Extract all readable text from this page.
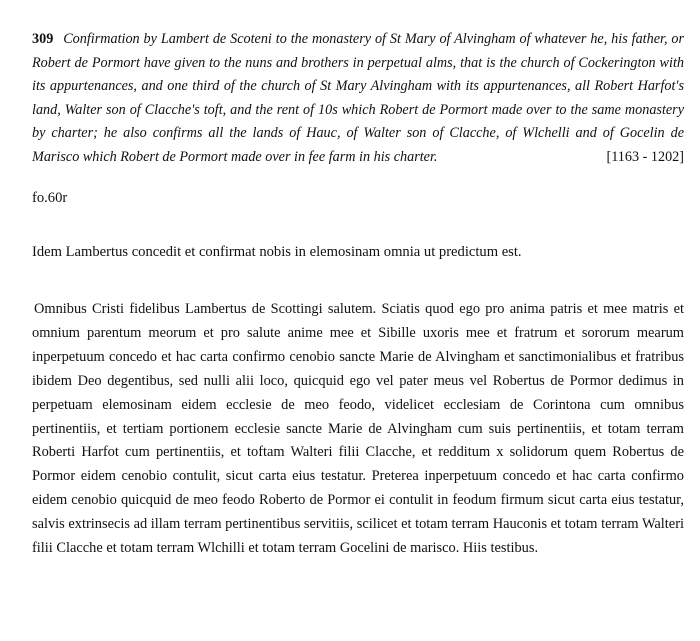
309 Confirmation by Lambert de Scoteni to the monastery of St Mary of Alvingham of whatever he, his father, or Robert de Pormort have given to the nuns and brothers in perpetual alms, that is the church of Cockerington with its appurtenances, and one third of the church of St Mary Alvingham with its appurtenances, all Robert Harfot's land, Walter son of Clacche's toft, and the rent of 10s which Robert de Pormort made over to the same monastery by charter; he also confirms all the lands of Hauc, of Walter son of Clacche, of Wlchelli and of Gocelin de Marisco which Robert de Pormort made over in fee farm in his charter.	[1163 - 1202]
fo.60r
Idem Lambertus concedit et confirmat nobis in elemosinam omnia ut predictum est.
Omnibus Cristi fidelibus Lambertus de Scottingi salutem. Sciatis quod ego pro anima patris et mee matris et omnium parentum meorum et pro salute anime mee et Sibille uxoris mee et fratrum et sororum mearum inperpetuum concedo et hac carta confirmo cenobio sancte Marie de Alvingham et sanctimonialibus et fratribus ibidem Deo degentibus, sed nulli alii loco, quicquid ego vel pater meus vel Robertus de Pormor dedimus in perpetuam elemosinam eidem ecclesie de meo feodo, videlicet ecclesiam de Corintona cum omnibus pertinentiis, et tertiam portionem ecclesie sancte Marie de Alvingham cum suis pertinentiis, et totam terram Roberti Harfot cum pertinentiis, et toftam Walteri filii Clacche, et redditum x solidorum quem Robertus de Pormor eidem cenobio contulit, sicut carta eius testatur. Preterea inperpetuum concedo et hac carta confirmo eidem cenobio quicquid de meo feodo Roberto de Pormor ei contulit in feodum firmum sicut carta eius testatur, salvis extrinsecis ad illam terram pertinentibus servitiis, scilicet et totam terram Hauconis et totam terram Walteri filii Clacche et totam terram Wlchilli et totam terram Gocelini de marisco. Hiis testibus.
